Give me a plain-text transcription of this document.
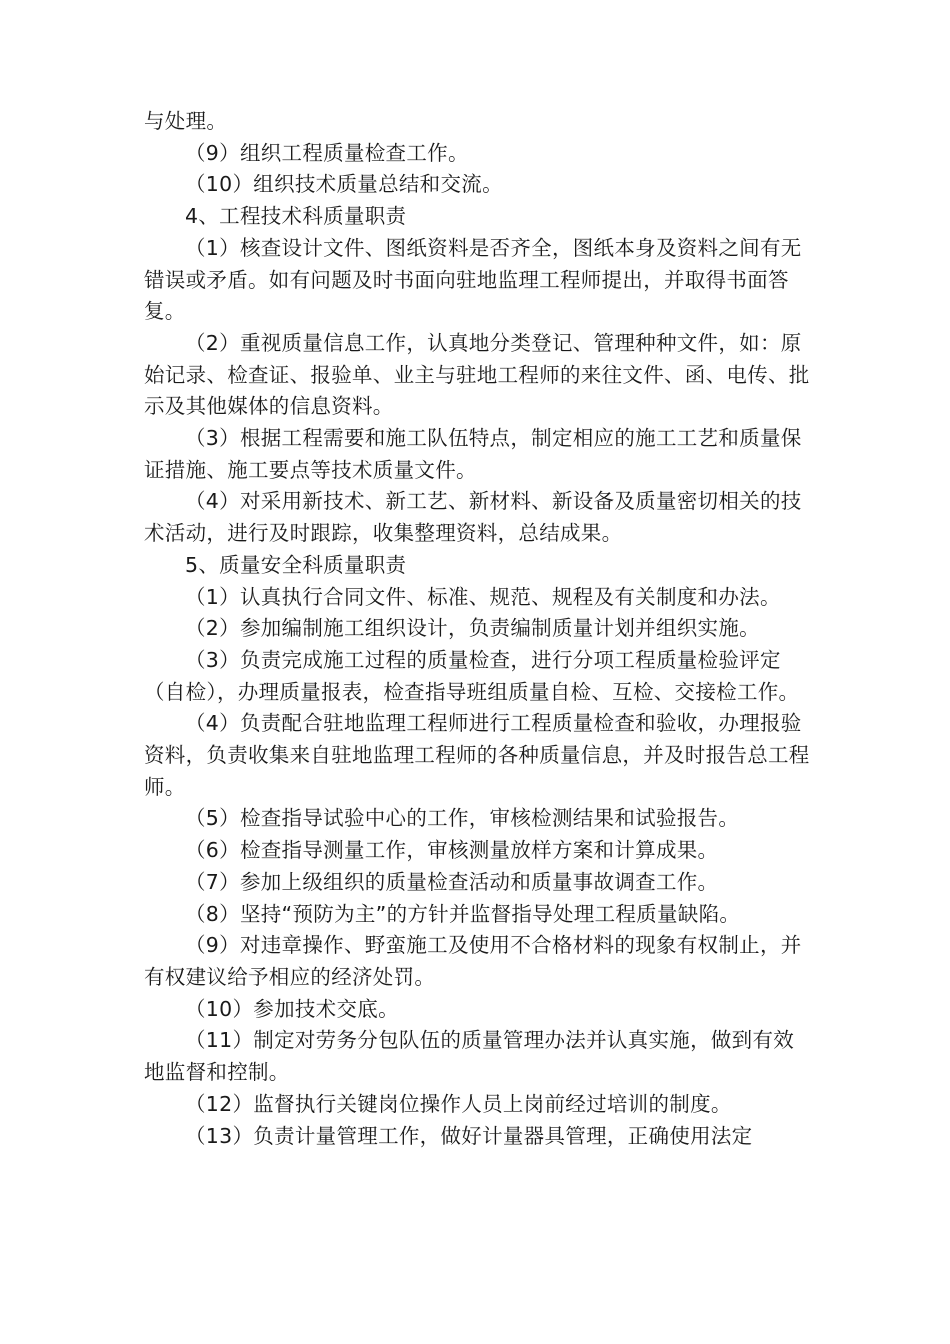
与处理。

（9）组织工程质量检查工作。

（10）组织技术质量总结和交流。

4、工程技术科质量职责

（1）核查设计文件、图纸资料是否齐全，图纸本身及资料之间有无错误或矛盾。如有问题及时书面向驻地监理工程师提出，并取得书面答复。

（2）重视质量信息工作，认真地分类登记、管理种种文件，如：原始记录、检查证、报验单、业主与驻地工程师的来往文件、函、电传、批示及其他媒体的信息资料。

（3）根据工程需要和施工队伍特点，制定相应的施工工艺和质量保证措施、施工要点等技术质量文件。

（4）对采用新技术、新工艺、新材料、新设备及质量密切相关的技术活动，进行及时跟踪，收集整理资料，总结成果。

5、质量安全科质量职责

（1）认真执行合同文件、标准、规范、规程及有关制度和办法。

（2）参加编制施工组织设计，负责编制质量计划并组织实施。

（3）负责完成施工过程的质量检查，进行分项工程质量检验评定（自检），办理质量报表，检查指导班组质量自检、互检、交接检工作。

（4）负责配合驻地监理工程师进行工程质量检查和验收，办理报验资料，负责收集来自驻地监理工程师的各种质量信息，并及时报告总工程师。

（5）检查指导试验中心的工作，审核检测结果和试验报告。

（6）检查指导测量工作，审核测量放样方案和计算成果。

（7）参加上级组织的质量检查活动和质量事故调查工作。

（8）坚持“预防为主”的方针并监督指导处理工程质量缺陷。

（9）对违章操作、野蛮施工及使用不合格材料的现象有权制止，并有权建议给予相应的经济处罚。

（10）参加技术交底。

（11）制定对劳务分包队伍的质量管理办法并认真实施，做到有效地监督和控制。

（12）监督执行关键岗位操作人员上岗前经过培训的制度。

（13）负责计量管理工作，做好计量器具管理，正确使用法定
